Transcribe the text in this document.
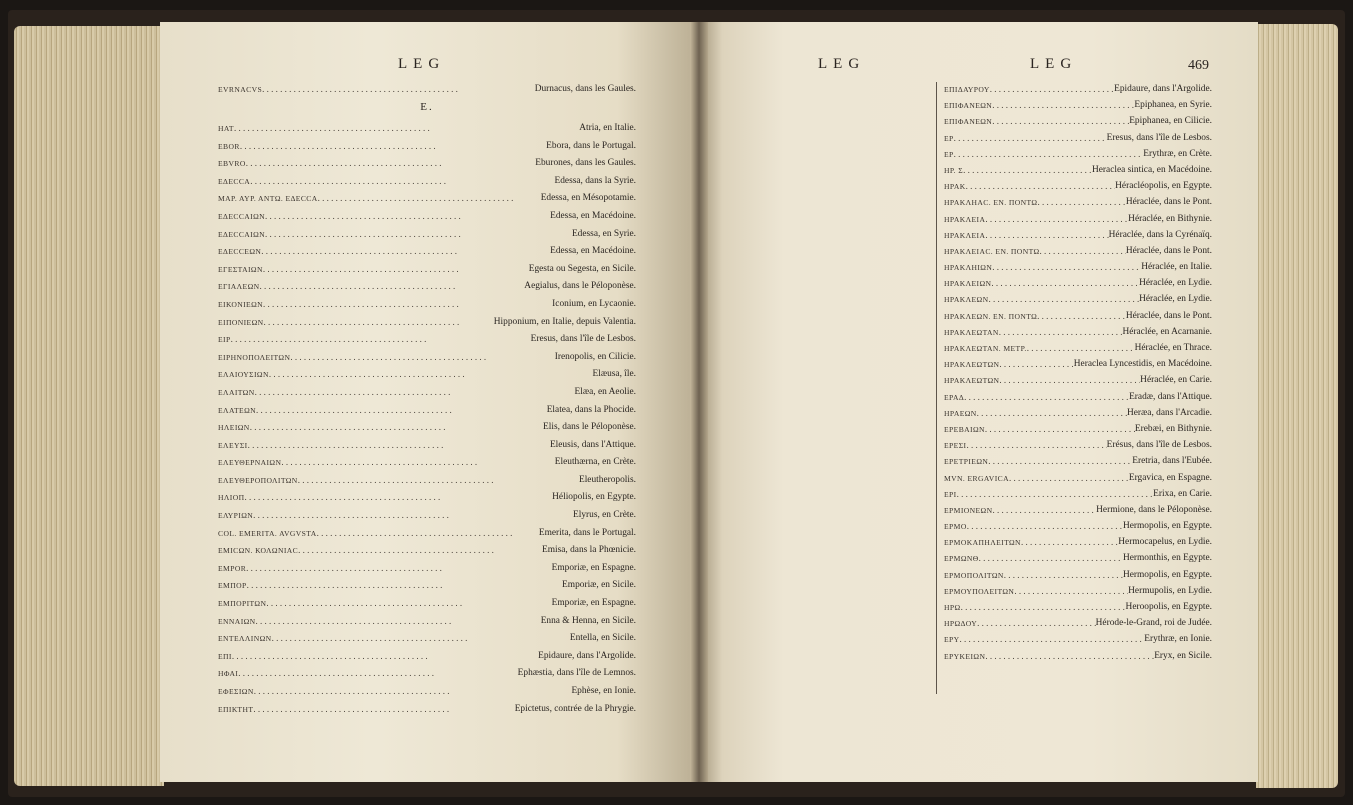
LEG
EVRNACVS . . .	Durnacus, dans les Gaules.
E.
HAT . . .	Atria, en Italie.
EBOR . . .	Ebora, dans le Portugal.
EBVRO . . .	Eburones, dans les Gaules.
ΕΔΕCCA . . .	Edessa, dans la Syrie.
MAP. AYP. ANTΩ. EΔECCA . . .	Edessa, en Mésopotamie.
EΔECCAIΩN . . .	Edessa, en Macédoine.
EΔECCAIΩN . . .	Edessa, en Syrie.
EΔECCEΩN . . .	Edessa, en Macédoine.
ΕΓΕΣΤΑΙΩΝ . . .	Egesta ou Segesta, en Sicile.
ΕΓΙΑΛΕΩΝ . . .	Aegialus, dans le Péloponèse.
ΕΙΚΟΝΙΕΩΝ . . .	Iconium, en Lycaonie.
ΕΙΠΟΝΙΕΩΝ . . .	Hipponium, en Italie, depuis Valentia.
ΕΙΡ . . .	Eresus, dans l'île de Lesbos.
ΕΙΡΗΝΟΠΟΛΕΙΤΩΝ . . .	Irenopolis, en Cilicie.
ΕΛΑΙΟΥΣΙΩΝ . . .	Elæusa, île.
ΕΛΑΙΤΩΝ . . .	Elæa, en Aeolie.
ΕΛΑΤΕΩΝ . . .	Elatea, dans la Phocide.
ΗΛΕΙΩΝ . . .	Elis, dans le Péloponèse.
ΕΛΕΥΣΙ . . .	Eleusis, dans l'Attique.
ΕΛΕΥΘΕΡΝΑΙΩΝ . . .	Eleuthærna, en Crète.
ΕΛΕΥΘΕΡΟΠΟΛΙΤΩΝ . . .	Eleutheropolis.
ΗΛΙΟΠ . . .	Héliopolis, en Egypte.
ΕΛΥΡΙΩΝ . . .	Elyrus, en Crète.
COL. EMERITA. AVGVSTA . . .	Emerita, dans le Portugal.
ΕΜΙCΩΝ. ΚΟΛΩΝΙΑC . . .	Emisa, dans la Phœnicie.
EMPOR . . .	Emporiæ, en Espagne.
ΕΜΠΟΡ . . .	Emporiæ, en Sicile.
ΕΜΠΟΡΙΤΩΝ . . .	Emporiæ, en Espagne.
ENNAIΩN . . .	Enna & Henna, en Sicile.
ΕΝΤΕΛΛΙΝΩΝ . . .	Entella, en Sicile.
ΕΠΙ . . .	Epidaure, dans l'Argolide.
ΗΦΑΙ . . .	Ephæstia, dans l'île de Lemnos.
ΕΦΕΣΙΩΝ . . .	Ephèse, en Ionie.
ΕΠΙΚΤΗΤ . . .	Epictetus, contrée de la Phrygie.
LEG	LEG	469
ΕΠΙΔΑΥΡΟΥ . . .	Epidaure, dans l'Argolide.
ΕΠΙΦΑΝΕΩΝ . . .	Epiphanea, en Syrie.
ΕΠΙΦΑΝΕΩΝ . . .	Epiphanea, en Cilicie.
ΕΡ . . .	Eresus, dans l'île de Lesbos.
ΕΡ . . .	Erythræ, en Crète.
ΗΡ. Σ . . .	Heraclea sintica, en Macédoine.
ΗΡΑΚ . . .	Héracléopolis, en Egypte.
ΗΡΑΚΛΗΑC. ΕΝ. ΠΟΝΤΩ . . .	Héraclée, dans le Pont.
ΗΡΑΚΛΕΙΑ . . .	Héraclée, en Bithynie.
ΗΡΑΚΛΕΙΑ . . .	Héraclée, dans la Cyrénaïq.
ΗΡΑΚΛΕΙΑC. ΕΝ. ΠΟΝΤΩ . . .	Héraclée, dans le Pont.
ΗΡΑΚΛΗΙΩΝ . . .	Héraclée, en Italie.
ΗΡΑΚΛΕΙΩΝ . . .	Héraclée, en Lydie.
ΗΡΑΚΛΕΩΝ . . .	Héraclée, en Lydie.
ΗΡΑΚΛΕΩΝ. ΕΝ. ΠΟΝΤΩ . . .	Héraclée, dans le Pont.
ΗΡΑΚΛΕΩΤΑΝ . . .	Héraclée, en Acarnanie.
ΗΡΑΚΛΕΩΤΑΝ. ΜΕΤΡ. . . .	Héraclée, en Thrace.
ΗΡΑΚΛΕΩΤΩΝ . . .	Heraclea Lyncestidis, en Macédoine.
ΗΡΑΚΛΕΩΤΩΝ . . .	Héraclée, en Carie.
ΕΡΑΔ . . .	Eradæ, dans l'Attique.
ΗΡΑΕΩΝ . . .	Heræa, dans l'Arcadie.
ΕΡΕΒΑΙΩΝ . . .	Erebæi, en Bithynie.
ΕΡΕΣΙ . . .	Erésus, dans l'île de Lesbos.
ΕΡΕΤΡΙΕΩΝ . . .	Eretria, dans l'Eubée.
MVN. ERGAVICA . . .	Ergavica, en Espagne.
ΕΡΙ . . .	Erixa, en Carie.
ΕΡΜΙΟΝΕΩΝ . . .	Hermione, dans le Péloponèse.
ΕΡΜΟ . . .	Hermopolis, en Egypte.
ΕΡΜΟΚΑΠΗΛΕΙΤΩΝ . . .	Hermocapelus, en Lydie.
ΕΡΜΩΝΘ . . .	Hermonthis, en Egypte.
ΕΡΜΟΠΟΛΙΤΩΝ . . .	Hermopolis, en Egypte.
ΕΡΜΟΥΠΟΛΕΙΤΩΝ . . .	Hermupolis, en Lydie.
ΗΡΩ . . .	Heroopolis, en Egypte.
ΗΡΩΔΟΥ . . .	Hérode-le-Grand, roi de Judée.
ΕΡΥ . . .	Erythræ, en Ionie.
ΕΡΥΚΕΙΩΝ . . .	Eryx, en Sicile.
